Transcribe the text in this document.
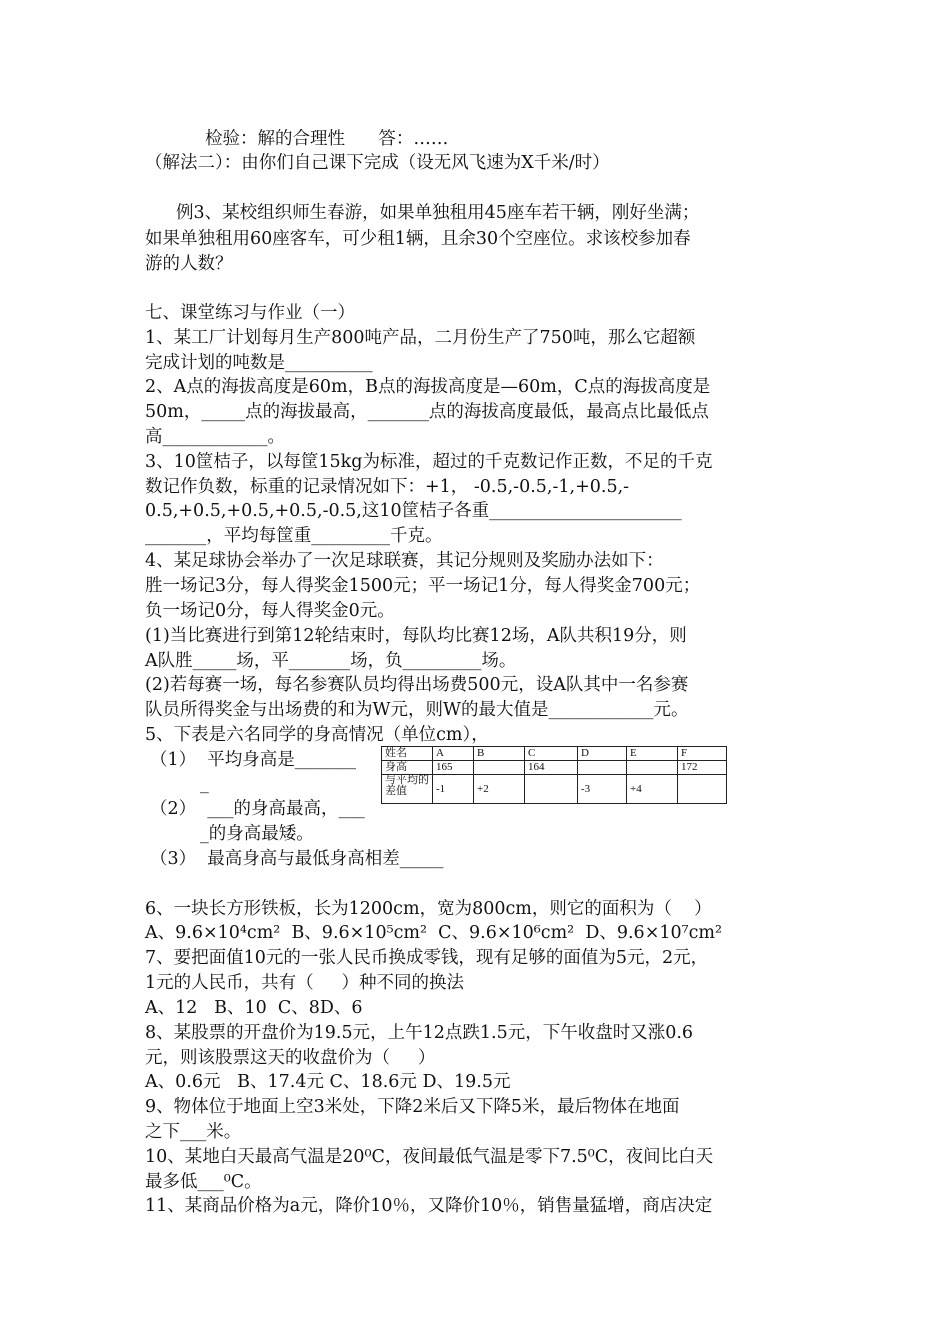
检验：解的合理性      答：……
（解法二）：由你们自己课下完成（设无风飞速为X千米/时）
例3、某校组织师生春游，如果单独租用45座车若干辆，刚好坐满；
如果单独租用60座客车，可少租1辆，且余30个空座位。求该校参加春
游的人数？
七、课堂练习与作业（一）
1、某工厂计划每月生产800吨产品，二月份生产了750吨，那么它超额
完成计划的吨数是__________
2、A点的海拔高度是60m，B点的海拔高度是—60m，C点的海拔高度是
50m，_____点的海拔最高，_______点的海拔高度最低，最高点比最低点
高____________。
3、10筐桔子，以每筐15kg为标准，超过的千克数记作正数，不足的千克
数记作负数，标重的记录情况如下：+1， -0.5,-0.5,-1,+0.5,-
0.5,+0.5,+0.5,+0.5,-0.5,这10筐桔子各重______________________
_______，平均每筐重_________千克。
4、某足球协会举办了一次足球联赛，其记分规则及奖励办法如下：
胜一场记3分，每人得奖金1500元；平一场记1分，每人得奖金700元；
负一场记0分，每人得奖金0元。
(1)当比赛进行到第12轮结束时，每队均比赛12场，A队共积19分，则
A队胜_____场，平_______场，负_________场。
(2)若每赛一场，每名参赛队员均得出场费500元，设A队其中一名参赛
队员所得奖金与出场费的和为W元，则W的最大值是____________元。
5、下表是六名同学的身高情况（单位cm），
（1）  平均身高是_______
_
（2）  ___的身高最高，___
_的身高最矮。
（3）  最高身高与最低身高相差_____
6、一块长方形铁板，长为1200cm，宽为800cm，则它的面积为（    ）
A、9.6×10⁴cm²  B、9.6×10⁵cm²  C、9.6×10⁶cm²  D、9.6×10⁷cm²
7、要把面值10元的一张人民币换成零钱，现有足够的面值为5元，2元，
1元的人民币，共有（     ）种不同的换法
A、12   B、10  C、8D、6
8、某股票的开盘价为19.5元，上午12点跌1.5元，下午收盘时又涨0.6
元，则该股票这天的收盘价为（     ）
A、0.6元   B、17.4元 C、18.6元 D、19.5元
9、物体位于地面上空3米处，下降2米后又下降5米，最后物体在地面
之下___米。
10、某地白天最高气温是20⁰C，夜间最低气温是零下7.5⁰C，夜间比白天
最多低___⁰C。
11、某商品价格为a元，降价10％，又降价10％，销售量猛增，商店决定
姓名	A	B	C	D	E	F
身高	165		164			172
与平均的差值	-1	+2		-3	+4	
